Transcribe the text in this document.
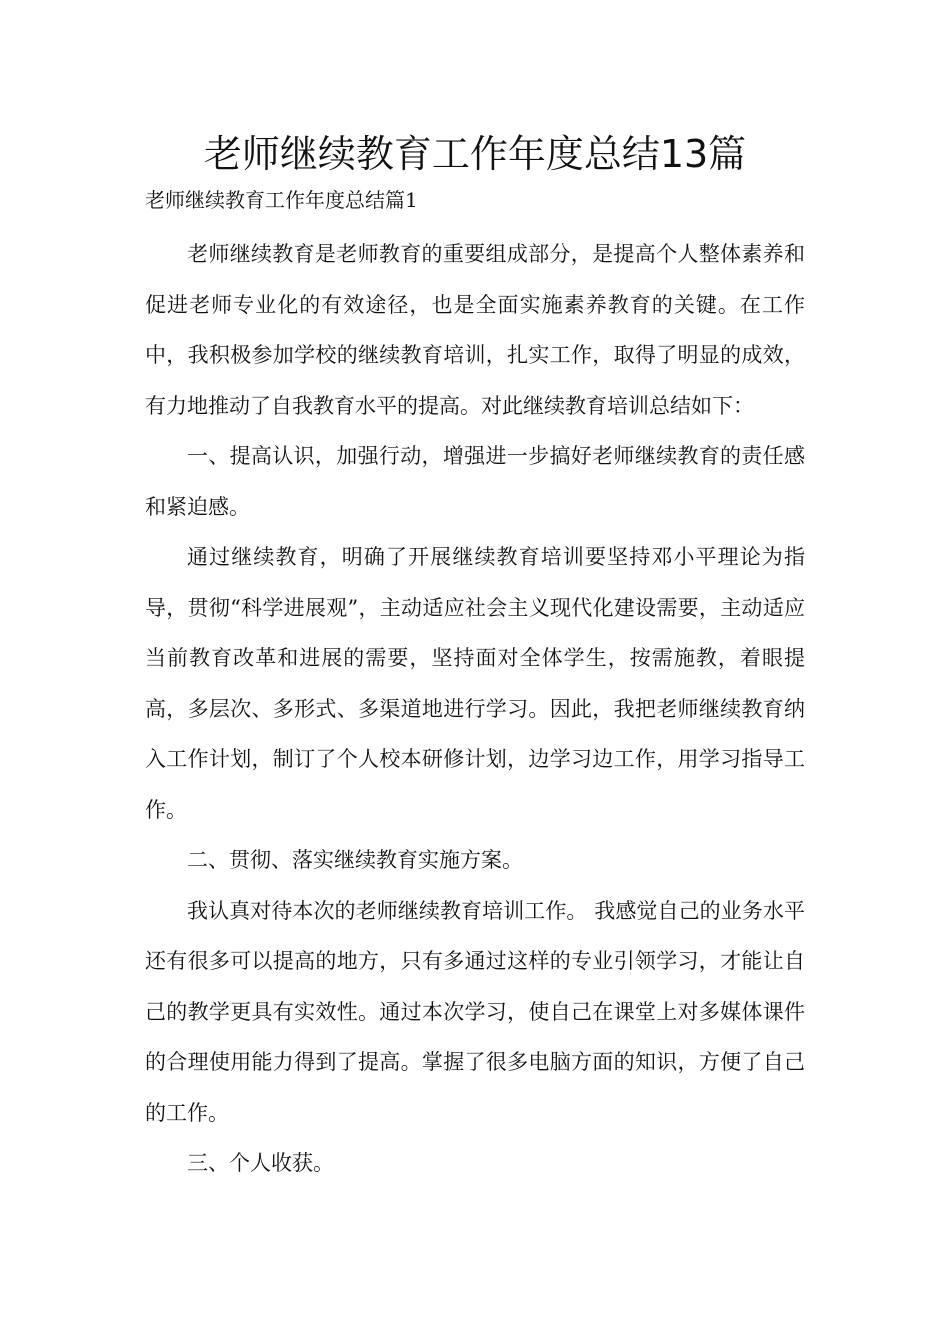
老师继续教育工作年度总结13篇

老师继续教育工作年度总结篇1

老师继续教育是老师教育的重要组成部分，是提高个人整体素养和促进老师专业化的有效途径，也是全面实施素养教育的关键。在工作中，我积极参加学校的继续教育培训，扎实工作，取得了明显的成效，有力地推动了自我教育水平的提高。对此继续教育培训总结如下：

一、提高认识，加强行动，增强进一步搞好老师继续教育的责任感和紧迫感。

通过继续教育，明确了开展继续教育培训要坚持邓小平理论为指导，贯彻“科学进展观”，主动适应社会主义现代化建设需要，主动适应当前教育改革和进展的需要，坚持面对全体学生，按需施教，着眼提高，多层次、多形式、多渠道地进行学习。因此，我把老师继续教育纳入工作计划，制订了个人校本研修计划，边学习边工作，用学习指导工作。

二、贯彻、落实继续教育实施方案。

我认真对待本次的老师继续教育培训工作。 我感觉自己的业务水平还有很多可以提高的地方，只有多通过这样的专业引领学习，才能让自己的教学更具有实效性。通过本次学习，使自己在课堂上对多媒体课件的合理使用能力得到了提高。掌握了很多电脑方面的知识，方便了自己的工作。

三、个人收获。
